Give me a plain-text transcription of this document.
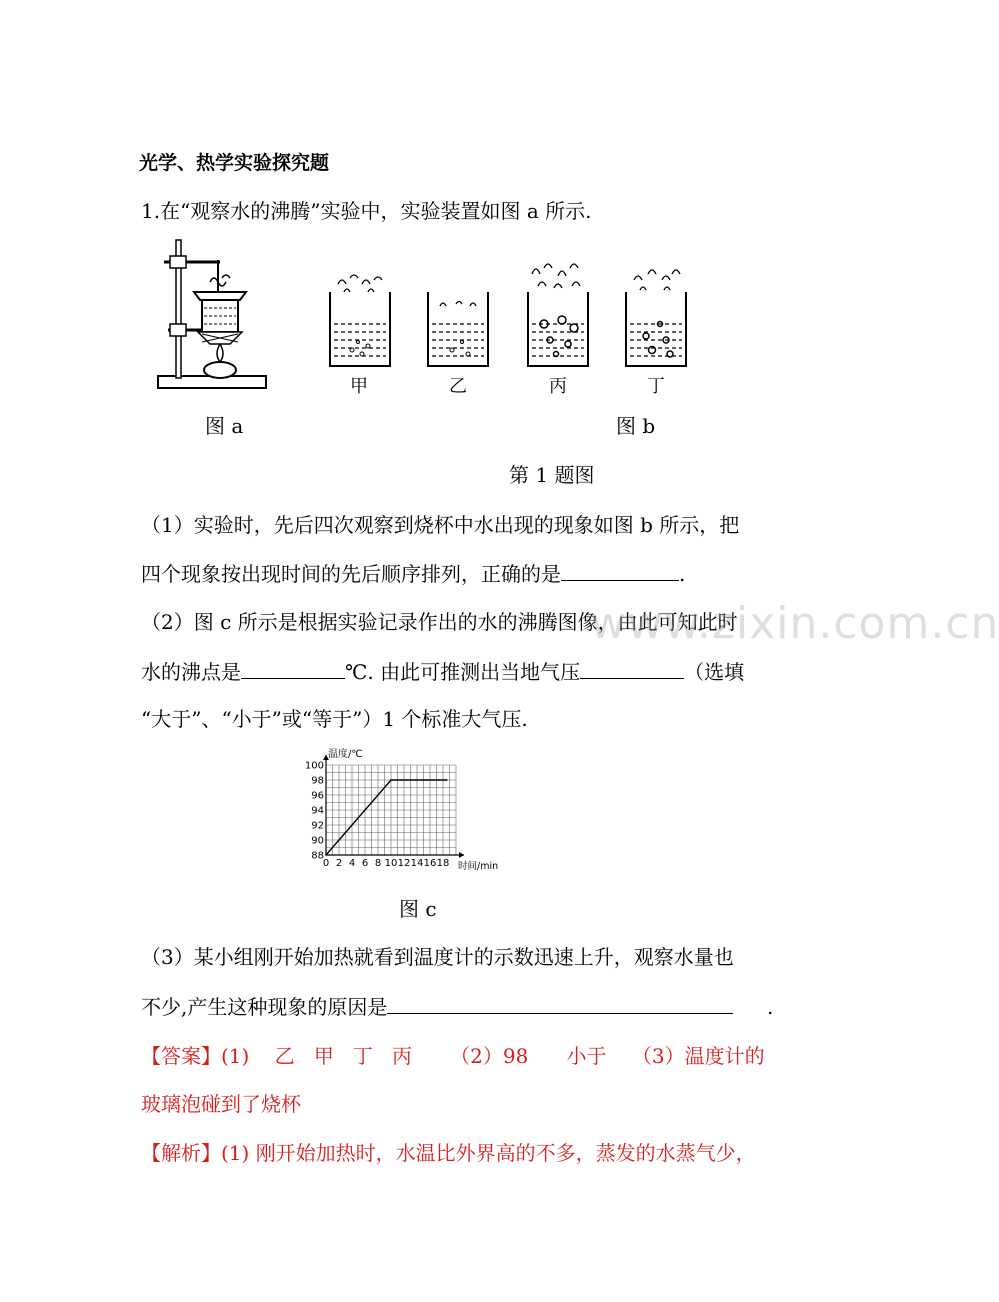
光学、热学实验探究题
1.在“观察水的沸腾”实验中，实验装置如图 a 所示.
甲	乙	丙	丁
图 a	图 b
第 1 题图
（1）实验时，先后四次观察到烧杯中水出现的现象如图 b 所示，把
四个现象按出现时间的先后顺序排列，正确的是	.
（2）图 c 所示是根据实验记录作出的水的沸腾图像，由此可知此时
水的沸点是	℃. 由此可推测出当地气压	（选填
“大于”、“小于”或“等于”）1 个标准大气压.
88
90
92
94
96
98
100
0 2 4 6 8 10 12 14 16 18
温度/℃
时间/min
图 c
（3）某小组刚开始加热就看到温度计的示数迅速上升，观察水量也
不少,产生这种现象的原因是	.
【答案】(1)    乙   甲   丁   丙      （2）98      小于    （3）温度计的
玻璃泡碰到了烧杯
【解析】(1) 刚开始加热时，水温比外界高的不多，蒸发的水蒸气少，
www.zixin.com.cn
